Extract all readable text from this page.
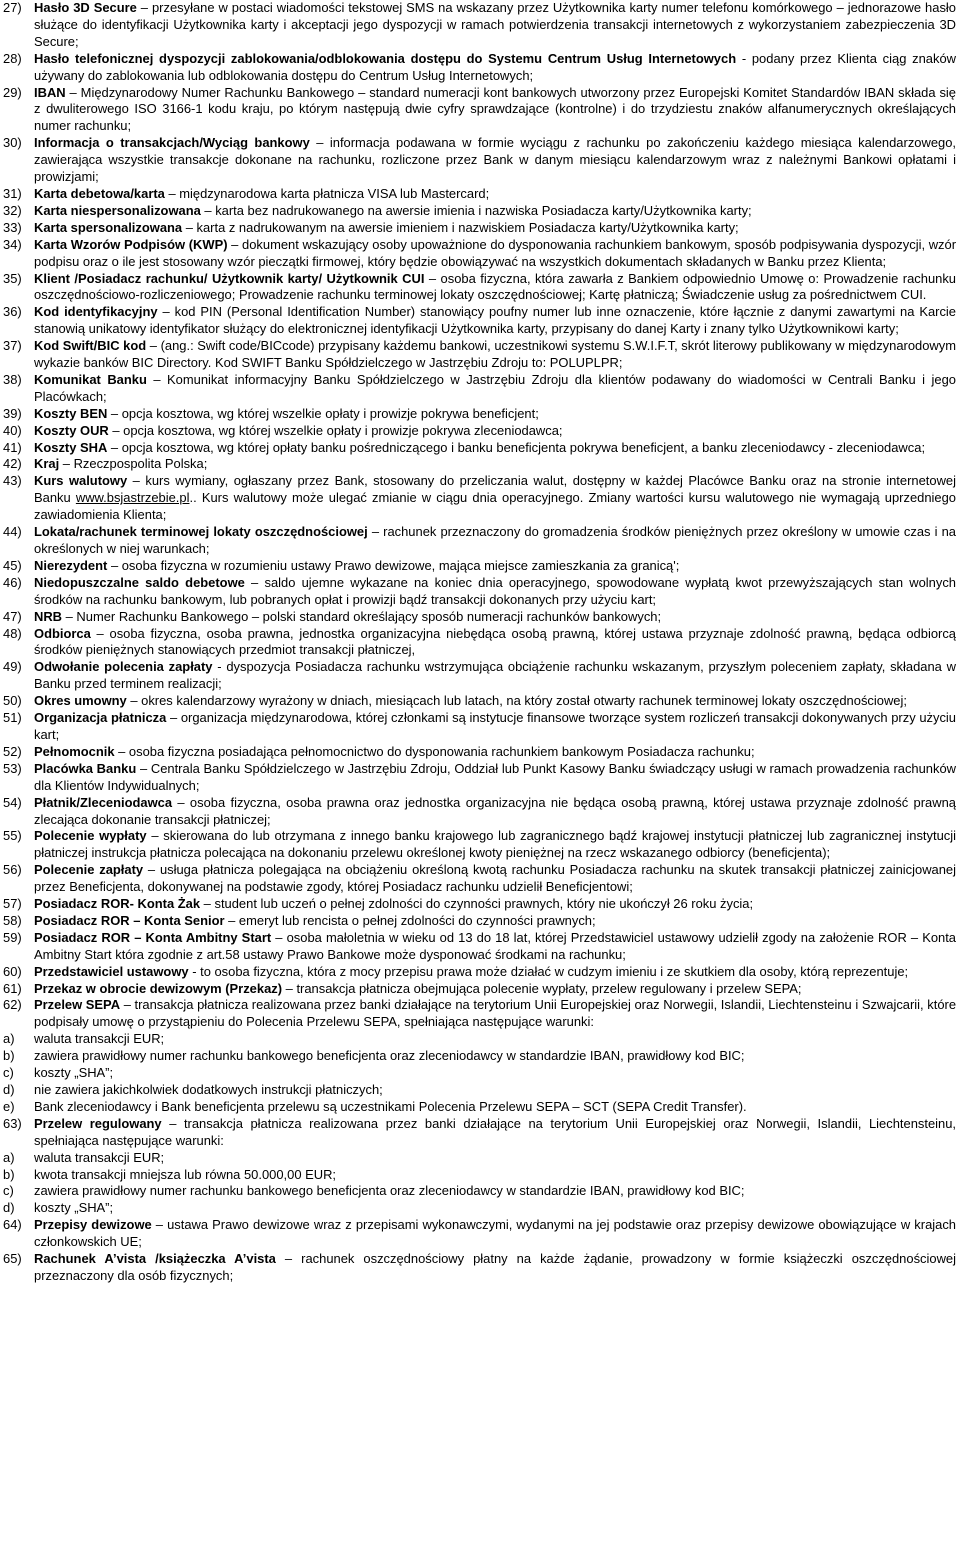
27) Hasło 3D Secure – przesyłane w postaci wiadomości tekstowej SMS na wskazany przez Użytkownika karty numer telefonu komórkowego – jednorazowe hasło służące do identyfikacji Użytkownika karty i akceptacji jego dyspozycji w ramach potwierdzenia transakcji internetowych z wykorzystaniem zabezpieczenia 3D Secure;
28) Hasło telefonicznej dyspozycji zablokowania/odblokowania dostępu do Systemu Centrum Usług Internetowych - podany przez Klienta ciąg znaków używany do zablokowania lub odblokowania dostępu do Centrum Usług Internetowych;
29) IBAN – Międzynarodowy Numer Rachunku Bankowego – standard numeracji kont bankowych utworzony przez Europejski Komitet Standardów IBAN składa się z dwuliterowego ISO 3166-1 kodu kraju, po którym następują dwie cyfry sprawdzające (kontrolne) i do trzydziestu znaków alfanumerycznych określających numer rachunku;
30) Informacja o transakcjach/Wyciąg bankowy – informacja podawana w formie wyciągu z rachunku po zakończeniu każdego miesiąca kalendarzowego, zawierająca wszystkie transakcje dokonane na rachunku, rozliczone przez Bank w danym miesiącu kalendarzowym wraz z należnymi Bankowi opłatami i prowizjami;
31) Karta debetowa/karta – międzynarodowa karta płatnicza VISA lub Mastercard;
32) Karta niespersonalizowana – karta bez nadrukowanego na awersie imienia i nazwiska Posiadacza karty/Użytkownika karty;
33) Karta spersonalizowana – karta z nadrukowanym na awersie imieniem i nazwiskiem Posiadacza karty/Użytkownika karty;
34) Karta Wzorów Podpisów (KWP) – dokument wskazujący osoby upoważnione do dysponowania rachunkiem bankowym, sposób podpisywania dyspozycji, wzór podpisu oraz o ile jest stosowany wzór pieczątki firmowej, który będzie obowiązywać na wszystkich dokumentach składanych w Banku przez Klienta;
35) Klient /Posiadacz rachunku/ Użytkownik karty/ Użytkownik CUI – osoba fizyczna, która zawarła z Bankiem odpowiednio Umowę o: Prowadzenie rachunku oszczędnościowo-rozliczeniowego; Prowadzenie rachunku terminowej lokaty oszczędnościowej; Kartę płatniczą; Świadczenie usług za pośrednictwem CUI.
36) Kod identyfikacyjny – kod PIN (Personal Identification Number) stanowiący poufny numer lub inne oznaczenie, które łącznie z danymi zawartymi na Karcie stanowią unikatowy identyfikator służący do elektronicznej identyfikacji Użytkownika karty, przypisany do danej Karty i znany tylko Użytkownikowi karty;
37) Kod Swift/BIC kod – (ang.: Swift code/BICcode) przypisany każdemu bankowi, uczestnikowi systemu S.W.I.F.T, skrót literowy publikowany w międzynarodowym wykazie banków BIC Directory. Kod SWIFT Banku Spółdzielczego w Jastrzębiu Zdroju to: POLUPLPR;
38) Komunikat Banku – Komunikat informacyjny Banku Spółdzielczego w Jastrzębiu Zdroju dla klientów podawany do wiadomości w Centrali Banku i jego Placówkach;
39) Koszty BEN – opcja kosztowa, wg której wszelkie opłaty i prowizje pokrywa beneficjent;
40) Koszty OUR – opcja kosztowa, wg której wszelkie opłaty i prowizje pokrywa zleceniodawca;
41) Koszty SHA – opcja kosztowa, wg której opłaty banku pośredniczącego i banku beneficjenta pokrywa beneficjent, a banku zleceniodawcy - zleceniodawca;
42) Kraj – Rzeczpospolita Polska;
43) Kurs walutowy – kurs wymiany, ogłaszany przez Bank, stosowany do przeliczania walut, dostępny w każdej Placówce Banku oraz na stronie internetowej Banku www.bsjastrzebie.pl.. Kurs walutowy może ulegać zmianie w ciągu dnia operacyjnego. Zmiany wartości kursu walutowego nie wymagają uprzedniego zawiadomienia Klienta;
44) Lokata/rachunek terminowej lokaty oszczędnościowej – rachunek przeznaczony do gromadzenia środków pieniężnych przez określony w umowie czas i na określonych w niej warunkach;
45) Nierezydent – osoba fizyczna w rozumieniu ustawy Prawo dewizowe, mająca miejsce zamieszkania za granicą';
46) Niedopuszczalne saldo debetowe – saldo ujemne wykazane na koniec dnia operacyjnego, spowodowane wypłatą kwot przewyższających stan wolnych środków na rachunku bankowym, lub pobranych opłat i prowizji bądź transakcji dokonanych przy użyciu kart;
47) NRB – Numer Rachunku Bankowego – polski standard określający sposób numeracji rachunków bankowych;
48) Odbiorca – osoba fizyczna, osoba prawna, jednostka organizacyjna niebędąca osobą prawną, której ustawa przyznaje zdolność prawną, będąca odbiorcą środków pieniężnych stanowiących przedmiot transakcji płatniczej,
49) Odwołanie polecenia zapłaty - dyspozycja Posiadacza rachunku wstrzymująca obciążenie rachunku wskazanym, przyszłym poleceniem zapłaty, składana w Banku przed terminem realizacji;
50) Okres umowny – okres kalendarzowy wyrażony w dniach, miesiącach lub latach, na który został otwarty rachunek terminowej lokaty oszczędnościowej;
51) Organizacja płatnicza – organizacja międzynarodowa, której członkami są instytucje finansowe tworzące system rozliczeń transakcji dokonywanych przy użyciu kart;
52) Pełnomocnik – osoba fizyczna posiadająca pełnomocnictwo do dysponowania rachunkiem bankowym Posiadacza rachunku;
53) Placówka Banku – Centrala Banku Spółdzielczego w Jastrzębiu Zdroju, Oddział lub Punkt Kasowy Banku świadczący usługi w ramach prowadzenia rachunków dla Klientów Indywidualnych;
54) Płatnik/Zleceniodawca – osoba fizyczna, osoba prawna oraz jednostka organizacyjna nie będąca osobą prawną, której ustawa przyznaje zdolność prawną zlecająca dokonanie transakcji płatniczej;
55) Polecenie wypłaty – skierowana do lub otrzymana z innego banku krajowego lub zagranicznego bądź krajowej instytucji płatniczej lub zagranicznej instytucji płatniczej instrukcja płatnicza polecająca na dokonaniu przelewu określonej kwoty pieniężnej na rzecz wskazanego odbiorcy (beneficjenta);
56) Polecenie zapłaty – usługa płatnicza polegająca na obciążeniu określoną kwotą rachunku Posiadacza rachunku na skutek transakcji płatniczej zainicjowanej przez Beneficjenta, dokonywanej na podstawie zgody, której Posiadacz rachunku udzielił Beneficjentowi;
57) Posiadacz ROR- Konta Żak – student lub uczeń o pełnej zdolności do czynności prawnych, który nie ukończył 26 roku życia;
58) Posiadacz ROR – Konta Senior – emeryt lub rencista o pełnej zdolności do czynności prawnych;
59) Posiadacz ROR – Konta Ambitny Start – osoba małoletnia w wieku od 13 do 18 lat, której Przedstawiciel ustawowy udzielił zgody na założenie ROR – Konta Ambitny Start która zgodnie z art.58 ustawy Prawo Bankowe może dysponować środkami na rachunku;
60) Przedstawiciel ustawowy - to osoba fizyczna, która z mocy przepisu prawa może działać w cudzym imieniu i ze skutkiem dla osoby, którą reprezentuje;
61) Przekaz w obrocie dewizowym (Przekaz) – transakcja płatnicza obejmująca polecenie wypłaty, przelew regulowany i przelew SEPA;
62) Przelew SEPA – transakcja płatnicza realizowana przez banki działające na terytorium Unii Europejskiej oraz Norwegii, Islandii, Liechtensteinu i Szwajcarii, które podpisały umowę o przystąpieniu do Polecenia Przelewu SEPA, spełniająca następujące warunki:
a) waluta transakcji EUR;
b) zawiera prawidłowy numer rachunku bankowego beneficjenta oraz zleceniodawcy w standardzie IBAN, prawidłowy kod BIC;
c) koszty „SHA”;
d) nie zawiera jakichkolwiek dodatkowych instrukcji płatniczych;
e) Bank zleceniodawcy i Bank beneficjenta przelewu są uczestnikami Polecenia Przelewu SEPA – SCT (SEPA Credit Transfer).
63) Przelew regulowany – transakcja płatnicza realizowana przez banki działające na terytorium Unii Europejskiej oraz Norwegii, Islandii, Liechtensteinu, spełniająca następujące warunki:
a) waluta transakcji EUR;
b) kwota transakcji mniejsza lub równa 50.000,00 EUR;
c) zawiera prawidłowy numer rachunku bankowego beneficjenta oraz zleceniodawcy w standardzie IBAN, prawidłowy kod BIC;
d) koszty „SHA”;
64) Przepisy dewizowe – ustawa Prawo dewizowe wraz z przepisami wykonawczymi, wydanymi na jej podstawie oraz przepisy dewizowe obowiązujące w krajach członkowskich UE;
65) Rachunek A’vista /książeczka A’vista – rachunek oszczędnościowy płatny na każde żądanie, prowadzony w formie książeczki oszczędnościowej przeznaczony dla osób fizycznych;
